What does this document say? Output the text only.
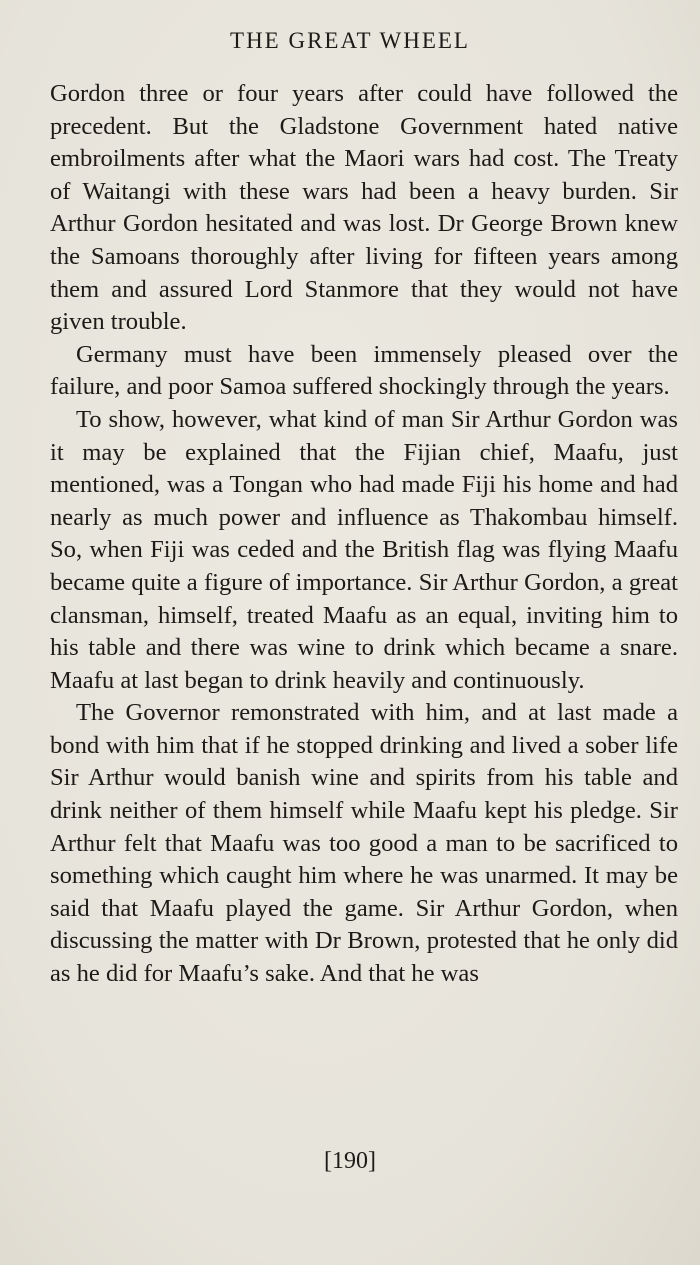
THE GREAT WHEEL

Gordon three or four years after could have followed the precedent. But the Gladstone Government hated native embroilments after what the Maori wars had cost. The Treaty of Waitangi with these wars had been a heavy burden. Sir Arthur Gordon hesitated and was lost. Dr George Brown knew the Samoans thoroughly after living for fifteen years among them and assured Lord Stanmore that they would not have given trouble.

Germany must have been immensely pleased over the failure, and poor Samoa suffered shockingly through the years.

To show, however, what kind of man Sir Arthur Gordon was it may be explained that the Fijian chief, Maafu, just mentioned, was a Tongan who had made Fiji his home and had nearly as much power and influence as Thakombau himself. So, when Fiji was ceded and the British flag was flying Maafu became quite a figure of importance. Sir Arthur Gordon, a great clansman, himself, treated Maafu as an equal, inviting him to his table and there was wine to drink which became a snare. Maafu at last began to drink heavily and continuously.

The Governor remonstrated with him, and at last made a bond with him that if he stopped drinking and lived a sober life Sir Arthur would banish wine and spirits from his table and drink neither of them himself while Maafu kept his pledge. Sir Arthur felt that Maafu was too good a man to be sacrificed to something which caught him where he was unarmed. It may be said that Maafu played the game. Sir Arthur Gordon, when discussing the matter with Dr Brown, protested that he only did as he did for Maafu’s sake. And that he was

[190]
